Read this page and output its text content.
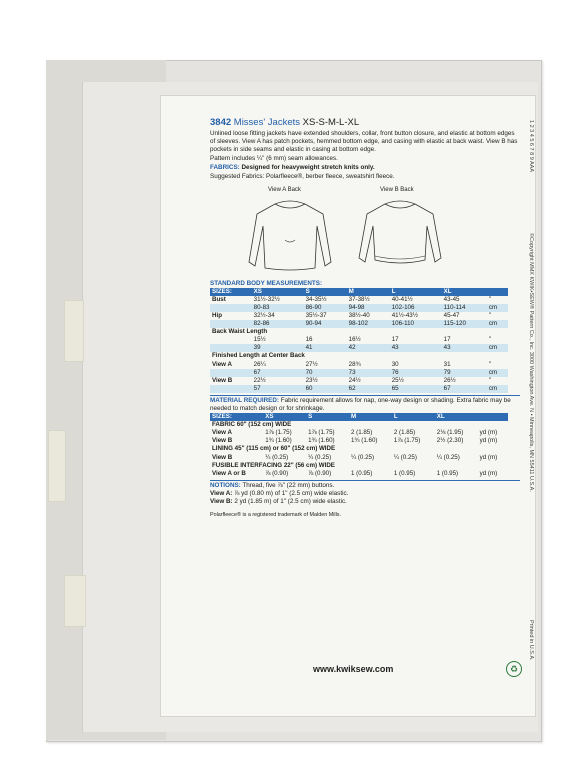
3842 Misses' Jackets XS-S-M-L-XL
Unlined loose fitting jackets have extended shoulders, collar, front button closure, and elastic at bottom edges of sleeves. View A has patch pockets, hemmed bottom edge, and casing with elastic at back waist. View B has pockets in side seams and elastic in casing at bottom edge.
Pattern includes ¼" (6 mm) seam allowances.
FABRICS: Designed for heavyweight stretch knits only.
Suggested Fabrics: Polarfleece®, berber fleece, sweatshirt fleece.
View A Back	View B Back
STANDARD BODY MEASUREMENTS:
SIZES:	XS	S	M	L	XL	
Bust	31½-32½	34-35½	37-38½	40-41½	43-45	"
	80-83	86-90	94-98	102-106	110-114	cm
Hip	32½-34	35½-37	38½-40	41½-43½	45-47	"
	82-86	90-94	98-102	106-110	115-120	cm
Back Waist Length						
	15½	16	16½	17	17	"
	39	41	42	43	43	cm
Finished Length at Center Back						
View A	26¼	27½	28¾	30	31	"
	67	70	73	76	79	cm
View B	22½	23½	24½	25½	26½	"
	57	60	62	65	67	cm
MATERIAL REQUIRED: Fabric requirement allows for nap, one-way design or shading. Extra fabric may be needed to match design or for shrinkage.
SIZES:	XS	S	M	L	XL	
FABRIC 60" (152 cm) WIDE						
View A	1⅞ (1.75)	1⅞ (1.75)	2 (1.85)	2 (1.85)	2⅛ (1.95)	yd (m)
View B	1¾ (1.60)	1¾ (1.60)	1¾ (1.60)	1⅞ (1.75)	2½ (2.30)	yd (m)
LINING 45" (115 cm) or 60" (152 cm) WIDE						
View B	¼ (0.25)	¼ (0.25)	¼ (0.25)	¼ (0.25)	¼ (0.25)	yd (m)
FUSIBLE INTERFACING 22" (56 cm) WIDE						
View A or B	⅞ (0.90)	⅞ (0.90)	1 (0.95)	1 (0.95)	1 (0.95)	yd (m)
NOTIONS: Thread, five ⅞" (22 mm) buttons.
View A: ⅞ yd (0.80 m) of 1" (2.5 cm) wide elastic.
View B: 2 yd (1.85 m) of 1" (2.5 cm) wide elastic.
Polarfleece® is a registered trademark of Malden Mills.
1 2 3 4 5 6 7 8 9 AAA
©Copyright MMX KWIK•SEW® Pattern Co., Inc. 3000 Washington Ave. N • Minneapolis, MN 55411 U.S.A.
Printed in U.S.A.
www.kwiksew.com	♻
